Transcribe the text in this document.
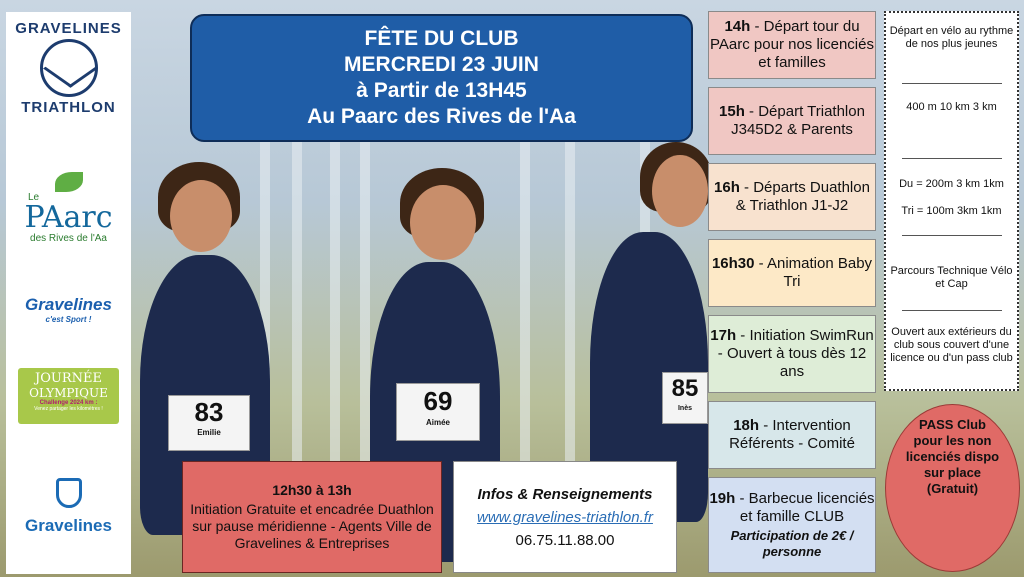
83
Emilie
69
Aimée
85
Inès
GRAVELINES
TRIATHLON
Le
PAarc
des Rives de l'Aa
Gravelines
c'est Sport !
JOURNÉE
OLYMPIQUE
Challenge 2024 km :
Venez partager les kilomètres !
Gravelines
FÊTE DU CLUB
MERCREDI 23 JUIN
à Partir de 13H45
Au Paarc des Rives de l'Aa
14h - Départ tour du PAarc pour nos licenciés et familles
15h - Départ Triathlon J345D2 & Parents
16h - Départs Duathlon & Triathlon J1-J2
16h30 - Animation Baby Tri
17h - Initiation SwimRun - Ouvert à tous dès 12 ans
18h - Intervention Référents - Comité
19h - Barbecue licenciés et famille CLUB
Participation de 2€ / personne
Départ en vélo au rythme de nos plus jeunes
400 m 10 km 3 km
Du = 200m 3 km 1km
Tri = 100m 3km 1km
Parcours Technique Vélo et Cap
Ouvert aux extérieurs du club sous couvert d'une licence ou d'un pass club
PASS Club pour les non licenciés dispo sur place (Gratuit)
12h30 à 13h
Initiation Gratuite et encadrée Duathlon sur pause méridienne - Agents Ville de Gravelines & Entreprises
Infos & Renseignements
www.gravelines-triathlon.fr
06.75.11.88.00
